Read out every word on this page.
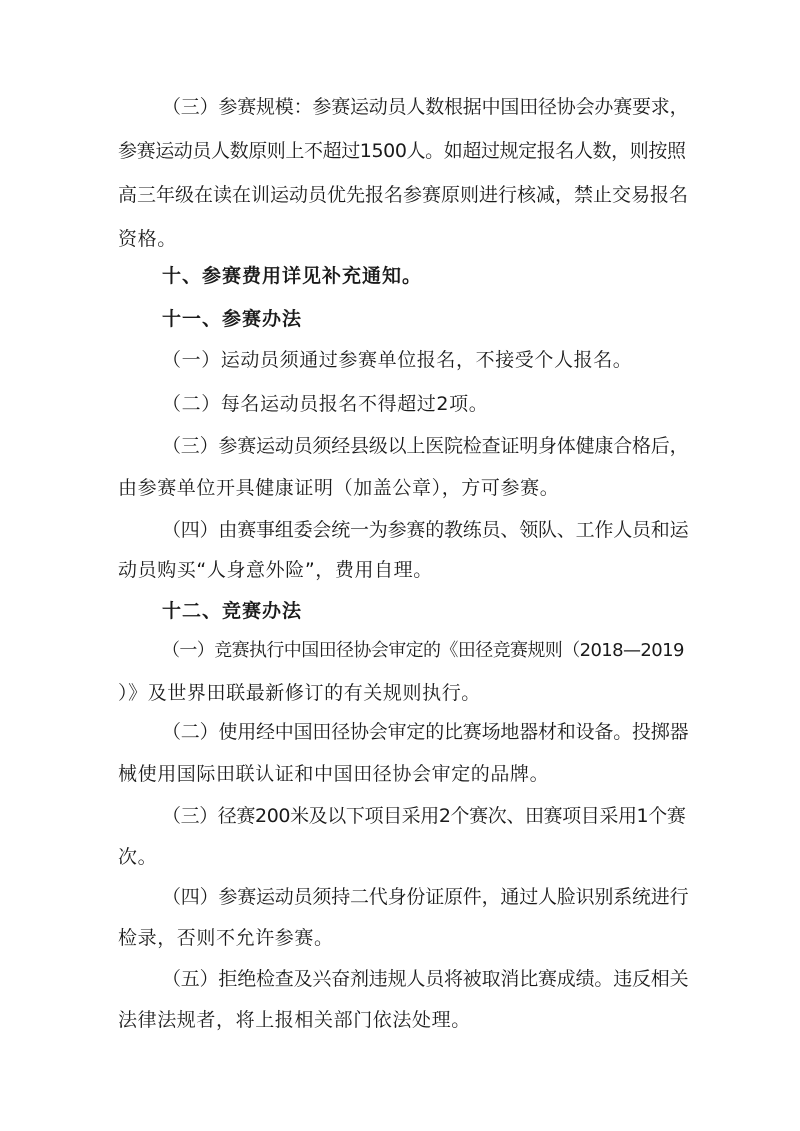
（三）参赛规模：参赛运动员人数根据中国田径协会办赛要求，
参赛运动员人数原则上不超过1500人。如超过规定报名人数，则按照
高三年级在读在训运动员优先报名参赛原则进行核减，禁止交易报名
资格。
十、参赛费用详见补充通知。
十一、参赛办法
（一）运动员须通过参赛单位报名，不接受个人报名。
（二）每名运动员报名不得超过2项。
（三）参赛运动员须经县级以上医院检查证明身体健康合格后，
由参赛单位开具健康证明（加盖公章），方可参赛。
（四）由赛事组委会统一为参赛的教练员、领队、工作人员和运
动员购买“人身意外险”，费用自理。
十二、竞赛办法
（一）竞赛执行中国田径协会审定的《田径竞赛规则（2018—2019
）》及世界田联最新修订的有关规则执行。
（二）使用经中国田径协会审定的比赛场地器材和设备。投掷器
械使用国际田联认证和中国田径协会审定的品牌。
（三）径赛200米及以下项目采用2个赛次、田赛项目采用1个赛
次。
（四）参赛运动员须持二代身份证原件，通过人脸识别系统进行
检录，否则不允许参赛。
（五）拒绝检查及兴奋剂违规人员将被取消比赛成绩。违反相关
法律法规者，将上报相关部门依法处理。
